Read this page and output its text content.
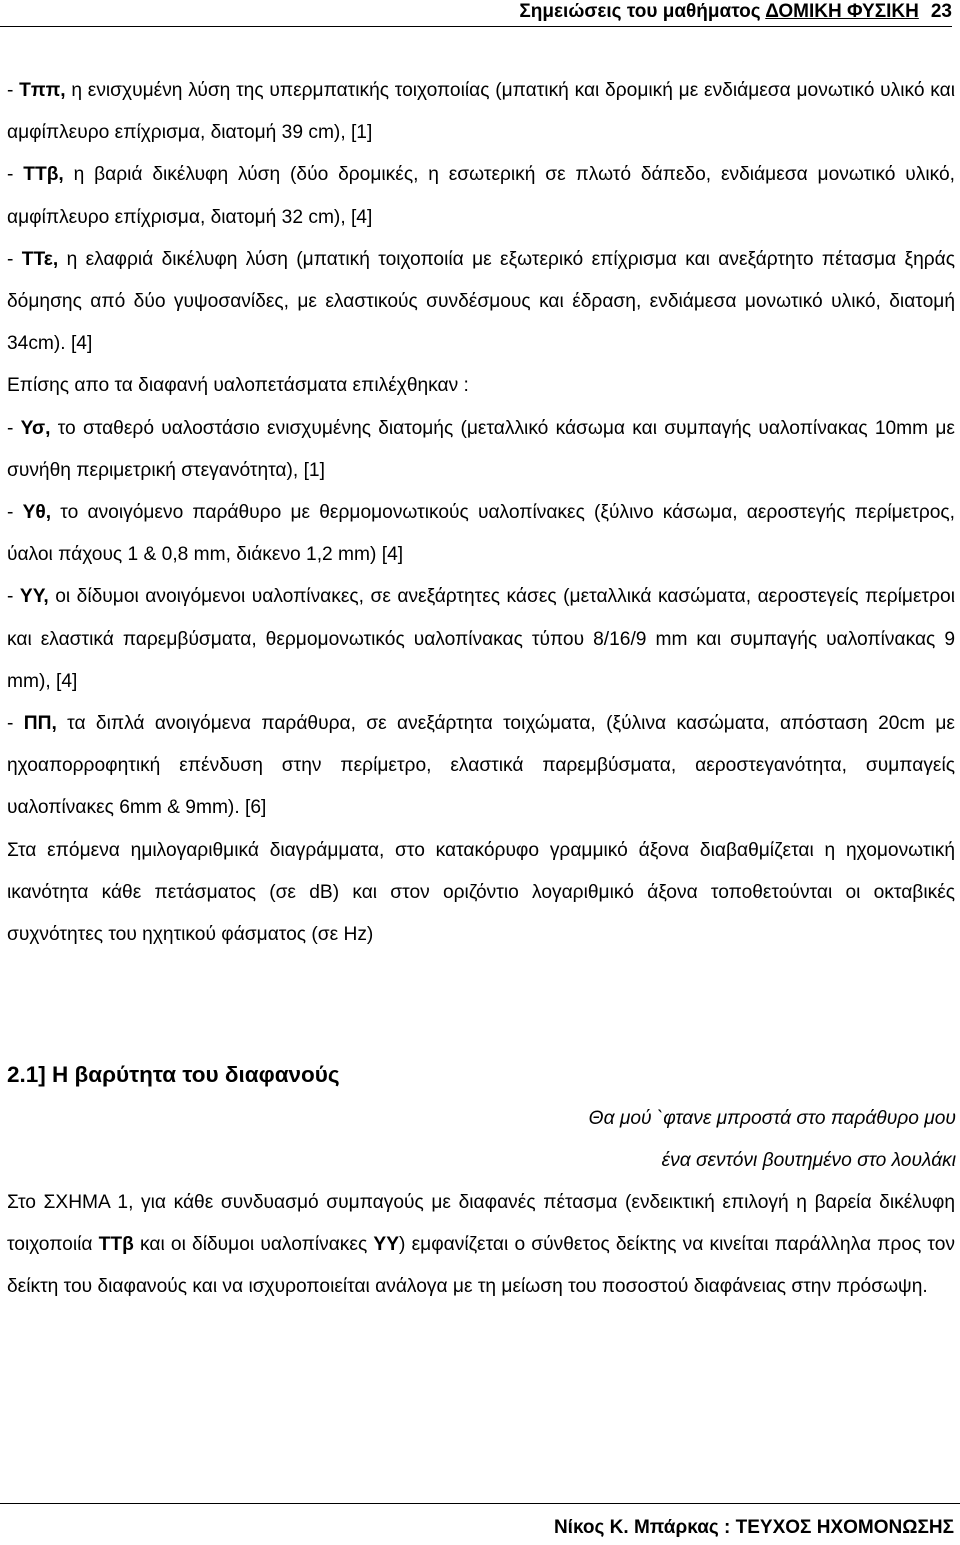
Σημειώσεις του μαθήματος ΔΟΜΙΚΗ ΦΥΣΙΚΗ 23

- Τππ, η ενισχυμένη λύση της υπερμπατικής τοιχοποιίας (μπατική και δρομική με ενδιάμεσα μονωτικό υλικό και αμφίπλευρο επίχρισμα, διατομή 39 cm), [1]

- ΤΤβ, η βαριά δικέλυφη λύση (δύο δρομικές, η εσωτερική σε πλωτό δάπεδο, ενδιάμεσα μονωτικό υλικό, αμφίπλευρο επίχρισμα, διατομή 32 cm), [4]

- ΤΤε, η ελαφριά δικέλυφη λύση (μπατική τοιχοποιία με εξωτερικό επίχρισμα και ανεξάρτητο πέτασμα ξηράς δόμησης από δύο γυψοσανίδες, με ελαστικούς συνδέσμους και έδραση, ενδιάμεσα μονωτικό υλικό, διατομή 34cm). [4]

Επίσης απο τα διαφανή υαλοπετάσματα επιλέχθηκαν :

- Υσ, το σταθερό υαλοστάσιο ενισχυμένης διατομής (μεταλλικό κάσωμα και συμπαγής υαλοπίνακας 10mm με συνήθη περιμετρική στεγανότητα), [1]

- Υθ, το ανοιγόμενο παράθυρο με θερμομονωτικούς υαλοπίνακες (ξύλινο κάσωμα, αεροστεγής περίμετρος, ύαλοι πάχους 1 & 0,8 mm, διάκενο 1,2 mm) [4]

- ΥΥ, οι δίδυμοι ανοιγόμενοι υαλοπίνακες, σε ανεξάρτητες κάσες (μεταλλικά κασώματα, αεροστεγείς περίμετροι και ελαστικά παρεμβύσματα, θερμομονωτικός υαλοπίνακας τύπου 8/16/9 mm και συμπαγής υαλοπίνακας 9 mm), [4]

- ΠΠ, τα διπλά ανοιγόμενα παράθυρα, σε ανεξάρτητα τοιχώματα, (ξύλινα κασώματα, απόσταση 20cm με ηχοαπορροφητική επένδυση στην περίμετρο, ελαστικά παρεμβύσματα, αεροστεγανότητα, συμπαγείς υαλοπίνακες 6mm & 9mm). [6]

Στα επόμενα ημιλογαριθμικά διαγράμματα, στο κατακόρυφο γραμμικό άξονα διαβαθμίζεται η ηχομονωτική ικανότητα κάθε πετάσματος (σε dB) και στον οριζόντιο λογαριθμικό άξονα τοποθετούνται οι οκταβικές συχνότητες του ηχητικού φάσματος (σε Hz)

2.1] Η βαρύτητα του διαφανούς
Θα μού `φτανε μπροστά στο παράθυρο μου
ένα σεντόνι βουτημένο στο λουλάκι

Στο ΣΧΗΜΑ 1, για κάθε συνδυασμό συμπαγούς με διαφανές πέτασμα (ενδεικτική επιλογή η βαρεία δικέλυφη τοιχοποιία ΤΤβ και οι δίδυμοι υαλοπίνακες ΥΥ) εμφανίζεται ο σύνθετος δείκτης να κινείται παράλληλα προς τον δείκτη του διαφανούς και να ισχυροποιείται ανάλογα με τη μείωση του ποσοστού διαφάνειας στην πρόσωψη.

Νίκος Κ. Μπάρκας : ΤΕΥΧΟΣ ΗΧΟΜΟΝΩΣΗΣ
